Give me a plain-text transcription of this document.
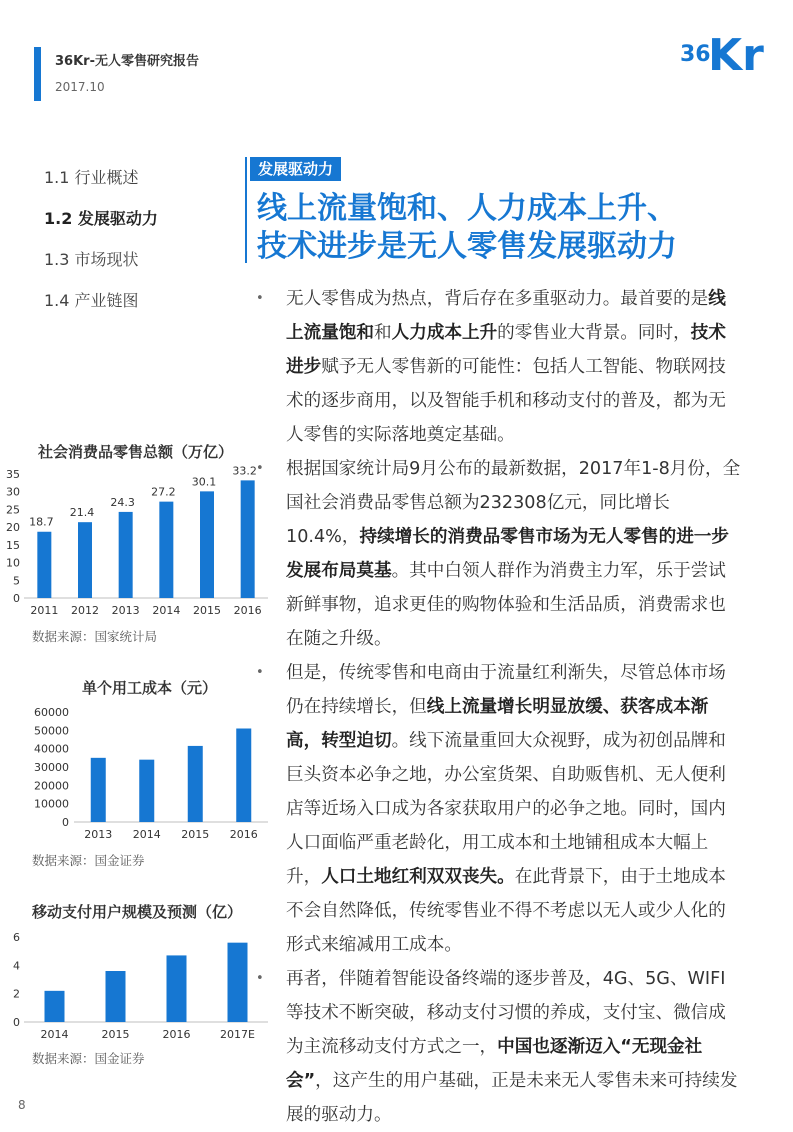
36Kr-无人零售研究报告
2017.10
36
Kr
1.1 行业概述
1.2 发展驱动力
1.3 市场现状
1.4 产业链图
发展驱动力
线上流量饱和、人力成本上升、
技术进步是无人零售发展驱动力
• 无人零售成为热点，背后存在多重驱动力。最首要的是线上流量饱和和人力成本上升的零售业大背景。同时，技术进步赋予无人零售新的可能性：包括人工智能、物联网技术的逐步商用，以及智能手机和移动支付的普及，都为无人零售的实际落地奠定基础。
• 根据国家统计局9月公布的最新数据，2017年1-8月份，全国社会消费品零售总额为232308亿元，同比增长10.4%，持续增长的消费品零售市场为无人零售的进一步发展布局莫基。其中白领人群作为消费主力军，乐于尝试新鲜事物，追求更佳的购物体验和生活品质，消费需求也在随之升级。
• 但是，传统零售和电商由于流量红利渐失，尽管总体市场仍在持续增长，但线上流量增长明显放缓、获客成本渐高，转型迫切。线下流量重回大众视野，成为初创品牌和巨头资本必争之地，办公室货架、自助贩售机、无人便利店等近场入口成为各家获取用户的必争之地。同时，国内人口面临严重老龄化，用工成本和土地铺租成本大幅上升，人口土地红利双双丧失。在此背景下，由于土地成本不会自然降低，传统零售业不得不考虑以无人或少人化的形式来缩减用工成本。
• 再者，伴随着智能设备终端的逐步普及，4G、5G、WIFI等技术不断突破，移动支付习惯的养成，支付宝、微信成为主流移动支付方式之一，中国也逐渐迈入“无现金社会”，这产生的用户基础，正是未来无人零售未来可持续发展的驱动力。
社会消费品零售总额（万亿）
0
5
10
15
20
25
30
35
2011
18.7
2012
21.4
2013
24.3
2014
27.2
2015
30.1
2016
33.2
数据来源：国家统计局
单个用工成本（元）
0
10000
20000
30000
40000
50000
60000
2013 2014 2015 2016
数据来源：国金证券
移动支付用户规模及预测（亿）
0
2
4
6
2014	2015	2016	2017E
数据来源：国金证券
8
